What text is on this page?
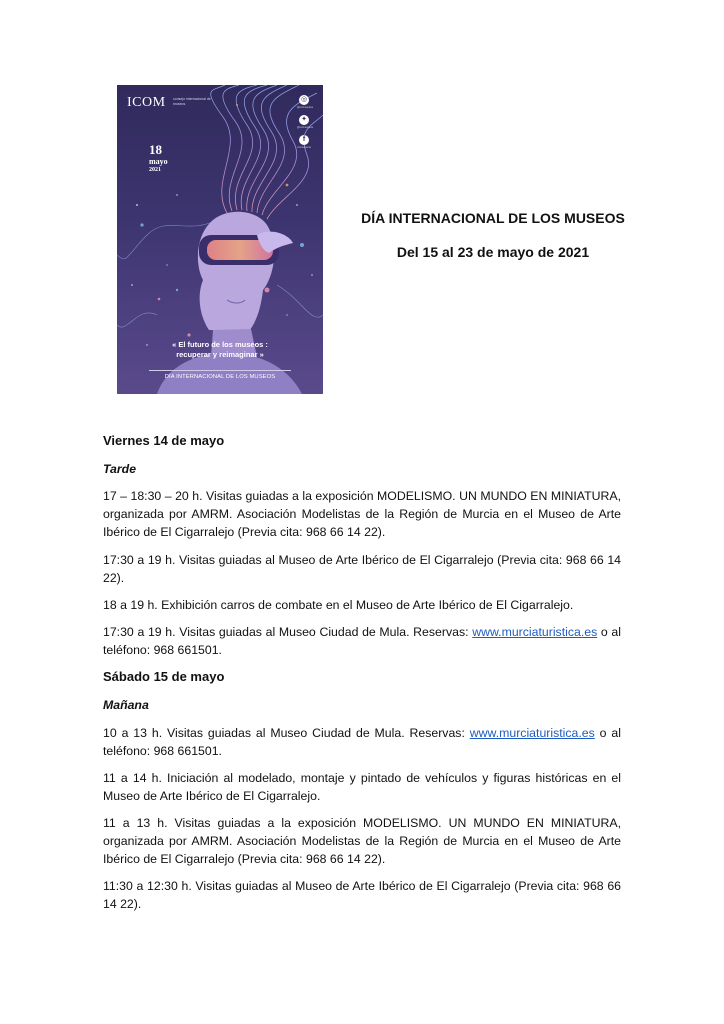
ICOM consejo internacional de museos
18
mayo
2021
◎
@icomespana
✦
@icomespana
f
icomespana
« El futuro de los museos :
recuperar y reimaginar »
DÍA INTERNACIONAL DE LOS MUSEOS
DÍA INTERNACIONAL DE LOS MUSEOS
Del 15 al 23 de mayo de 2021
Viernes 14 de mayo
Tarde
17 – 18:30 – 20 h. Visitas guiadas a la exposición MODELISMO. UN MUNDO EN MINIATURA, organizada por AMRM. Asociación Modelistas de la Región de Murcia en el Museo de Arte Ibérico de El Cigarralejo (Previa cita: 968 66 14 22).
17:30 a 19 h. Visitas guiadas al Museo de Arte Ibérico de El Cigarralejo (Previa cita: 968 66 14 22).
18 a 19 h. Exhibición carros de combate en el Museo de Arte Ibérico de El Cigarralejo.
17:30 a 19 h. Visitas guiadas al Museo Ciudad de Mula. Reservas: www.murciaturistica.es o al teléfono: 968 661501.
Sábado 15 de mayo
Mañana
10 a 13 h. Visitas guiadas al Museo Ciudad de Mula. Reservas: www.murciaturistica.es o al teléfono: 968 661501.
11 a 14 h. Iniciación al modelado, montaje y pintado de vehículos y figuras históricas en el Museo de Arte Ibérico de El Cigarralejo.
11 a 13 h. Visitas guiadas a la exposición MODELISMO. UN MUNDO EN MINIATURA, organizada por AMRM. Asociación Modelistas de la Región de Murcia en el Museo de Arte Ibérico de El Cigarralejo (Previa cita: 968 66 14 22).
11:30 a 12:30 h. Visitas guiadas al Museo de Arte Ibérico de El Cigarralejo (Previa cita: 968 66 14 22).
